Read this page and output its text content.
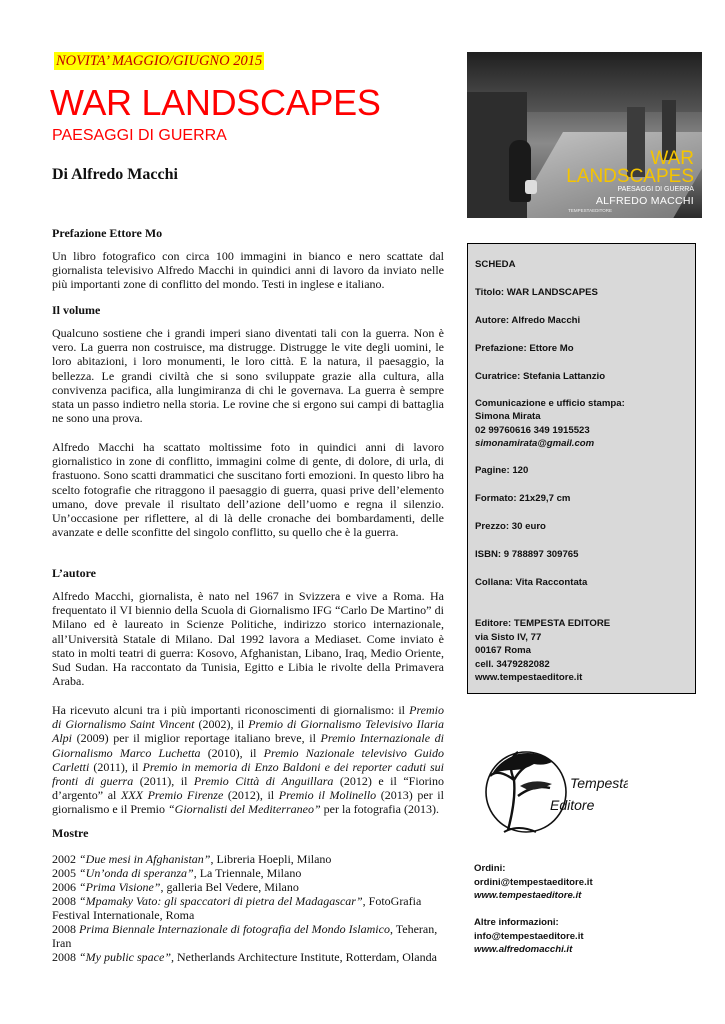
NOVITA’ MAGGIO/GIUGNO 2015
WAR LANDSCAPES
PAESAGGI DI GUERRA
Di Alfredo Macchi
WAR
LANDSCAPES
PAESAGGI DI GUERRA
ALFREDO MACCHI
TEMPESTAEDITORE
Prefazione Ettore Mo
Un libro fotografico con circa 100 immagini in bianco e nero scattate dal giornalista televisivo Alfredo Macchi in quindici anni di lavoro da inviato nelle più importanti zone di conflitto del mondo. Testi in inglese e italiano.
Il volume
Qualcuno sostiene che i grandi imperi siano diventati tali con la guerra. Non è vero. La guerra non costruisce, ma distrugge. Distrugge le vite degli uomini, le loro abitazioni, i loro monumenti, le loro città. E la natura, il paesaggio, la bellezza. Le grandi civiltà che si sono sviluppate grazie alla cultura, alla convivenza pacifica, alla lungimiranza di chi le governava. La guerra è sempre stata un passo indietro nella storia. Le rovine che si ergono sui campi di battaglia ne sono una prova.
Alfredo Macchi ha scattato moltissime foto in quindici anni di lavoro giornalistico in zone di conflitto, immagini colme di gente, di dolore, di urla, di frastuono. Sono scatti drammatici che suscitano forti emozioni. In questo libro ha scelto fotografie che ritraggono il paesaggio di guerra, quasi prive dell’elemento umano, dove prevale il risultato dell’azione dell’uomo e regna il silenzio. Un’occasione per riflettere, al di là delle cronache dei bombardamenti, delle avanzate e delle sconfitte del singolo conflitto, su quello che è la guerra.
L’autore
Alfredo Macchi, giornalista, è nato nel 1967 in Svizzera e vive a Roma. Ha frequentato il VI biennio della Scuola di Giornalismo IFG “Carlo De Martino” di Milano ed è laureato in Scienze Politiche, indirizzo storico internazionale, all’Università Statale di Milano. Dal 1992 lavora a Mediaset. Come inviato è stato in molti teatri di guerra: Kosovo, Afghanistan, Libano, Iraq, Medio Oriente, Sud Sudan. Ha raccontato da Tunisia, Egitto e Libia le rivolte della Primavera Araba.
Ha ricevuto alcuni tra i più importanti riconoscimenti di giornalismo: il Premio di Giornalismo Saint Vincent (2002), il Premio di Giornalismo Televisivo Ilaria Alpi (2009) per il miglior reportage italiano breve, il Premio Internazionale di Giornalismo Marco Luchetta (2010), il Premio Nazionale televisivo Guido Carletti (2011), il Premio in memoria di Enzo Baldoni e dei reporter caduti sui fronti di guerra (2011), il Premio Città di Anguillara (2012) e il “Fiorino d’argento” al XXX Premio Firenze (2012), il Premio il Molinello (2013) per il giornalismo e il Premio “Giornalisti del Mediterraneo” per la fotografia (2013).
Mostre
2002 “Due mesi in Afghanistan”, Libreria Hoepli, Milano
2005 “Un’onda di speranza”, La Triennale, Milano
2006 “Prima Visione”, galleria Bel Vedere, Milano
2008 “Mpamaky Vato: gli spaccatori di pietra del Madagascar”, FotoGrafia Festival Internationale, Roma
2008 Prima Biennale Internazionale di fotografia del Mondo Islamico, Teheran, Iran
2008 “My public space”, Netherlands Architecture Institute, Rotterdam, Olanda
SCHEDA
Titolo: WAR LANDSCAPES
Autore: Alfredo Macchi
Prefazione: Ettore Mo
Curatrice: Stefania Lattanzio
Comunicazione e ufficio stampa:
Simona Mirata
02 99760616 349 1915523
simonamirata@gmail.com
Pagine: 120
Formato: 21x29,7 cm
Prezzo: 30 euro
ISBN: 9 788897 309765
Collana: Vita Raccontata
Editore: TEMPESTA EDITORE
via Sisto IV, 77
00167 Roma
cell. 3479282082
www.tempestaeditore.it
Tempesta
Editore
Ordini:
ordini@tempestaeditore.it
www.tempestaeditore.it
Altre informazioni:
info@tempestaeditore.it
www.alfredomacchi.it
